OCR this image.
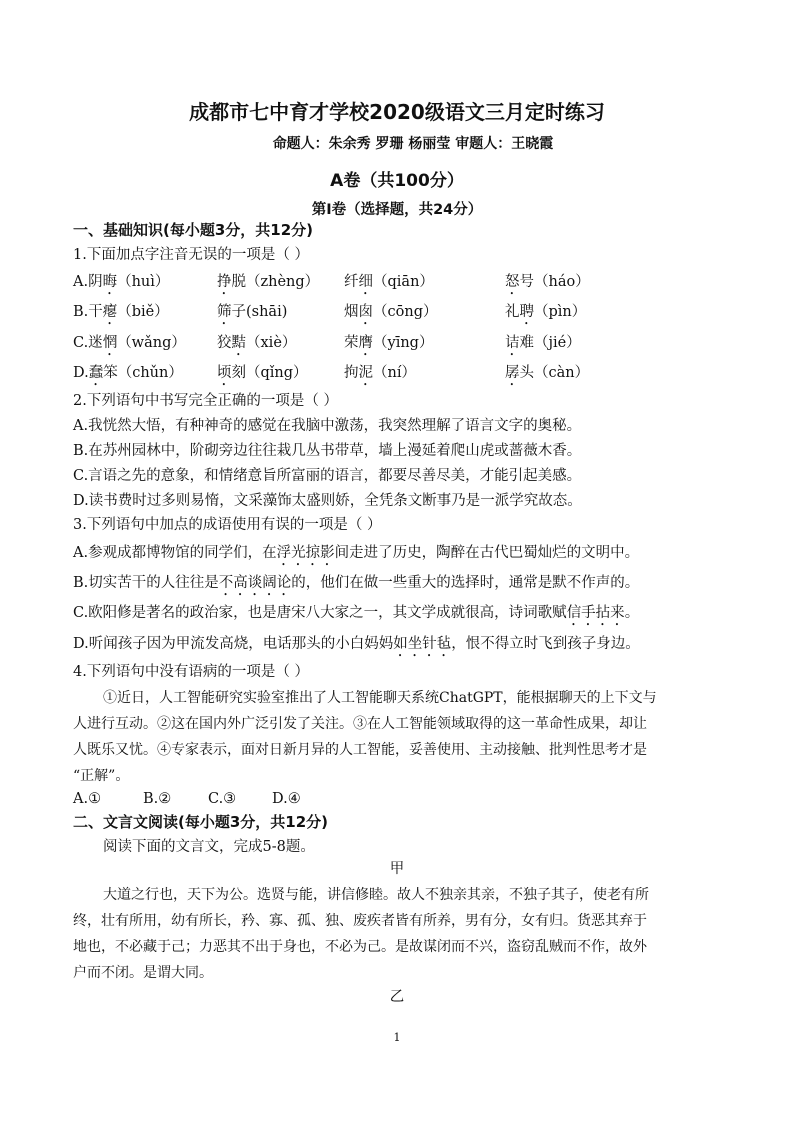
成都市七中育才学校2020级语文三月定时练习
命题人：朱余秀 罗珊 杨丽莹 审题人：王晓霞
A卷（共100分）
第Ⅰ卷（选择题，共24分）
一、基础知识(每小题3分，共12分)
1.下面加点字注音无误的一项是（ ）
A.阴晦（huì）	挣脱（zhèng） 纤细（qiān）	怒号（háo）
B.干瘪（biě）	筛子(shāi)	烟囱（cōng）	礼聘（pìn）
C.迷惘（wǎng） 狡黠（xiè）	荣膺（yīng）	诘难（jié）
D.蠢笨（chǔn） 顷刻（qǐng）	拘泥（ní）	孱头（càn）
2.下列语句中书写完全正确的一项是（ ）
A.我恍然大悟，有种神奇的感觉在我脑中激荡，我突然理解了语言文字的奥秘。
B.在苏州园林中，阶砌旁边往往栽几丛书带草，墙上漫延着爬山虎或蔷薇木香。
C.言语之先的意象，和情绪意旨所富丽的语言，都要尽善尽美，才能引起美感。
D.读书费时过多则易惰，文采藻饰太盛则娇，全凭条文断事乃是一派学究故态。
3.下列语句中加点的成语使用有误的一项是（ ）
A.参观成都博物馆的同学们，在浮光掠影间走进了历史，陶醉在古代巴蜀灿烂的文明中。
B.切实苦干的人往往是不高谈阔论的，他们在做一些重大的选择时，通常是默不作声的。
C.欧阳修是著名的政治家，也是唐宋八大家之一，其文学成就很高，诗词歌赋信手拈来。
D.听闻孩子因为甲流发高烧，电话那头的小白妈妈如坐针毡，恨不得立时飞到孩子身边。
4.下列语句中没有语病的一项是（ ）
①近日，人工智能研究实验室推出了人工智能聊天系统ChatGPT，能根据聊天的上下文与
人进行互动。②这在国内外广泛引发了关注。③在人工智能领域取得的这一革命性成果，却让
人既乐又忧。④专家表示，面对日新月异的人工智能，妥善使用、主动接触、批判性思考才是
“正解”。
A.①	B.②	C.③ D.④
二、文言文阅读(每小题3分，共12分)
阅读下面的文言文，完成5-8题。
甲
大道之行也，天下为公。选贤与能，讲信修睦。故人不独亲其亲，不独子其子，使老有所
终，壮有所用，幼有所长，矜、寡、孤、独、废疾者皆有所养，男有分，女有归。货恶其弃于
地也，不必藏于己；力恶其不出于身也，不必为己。是故谋闭而不兴，盗窃乱贼而不作，故外
户而不闭。是谓大同。
乙
1
